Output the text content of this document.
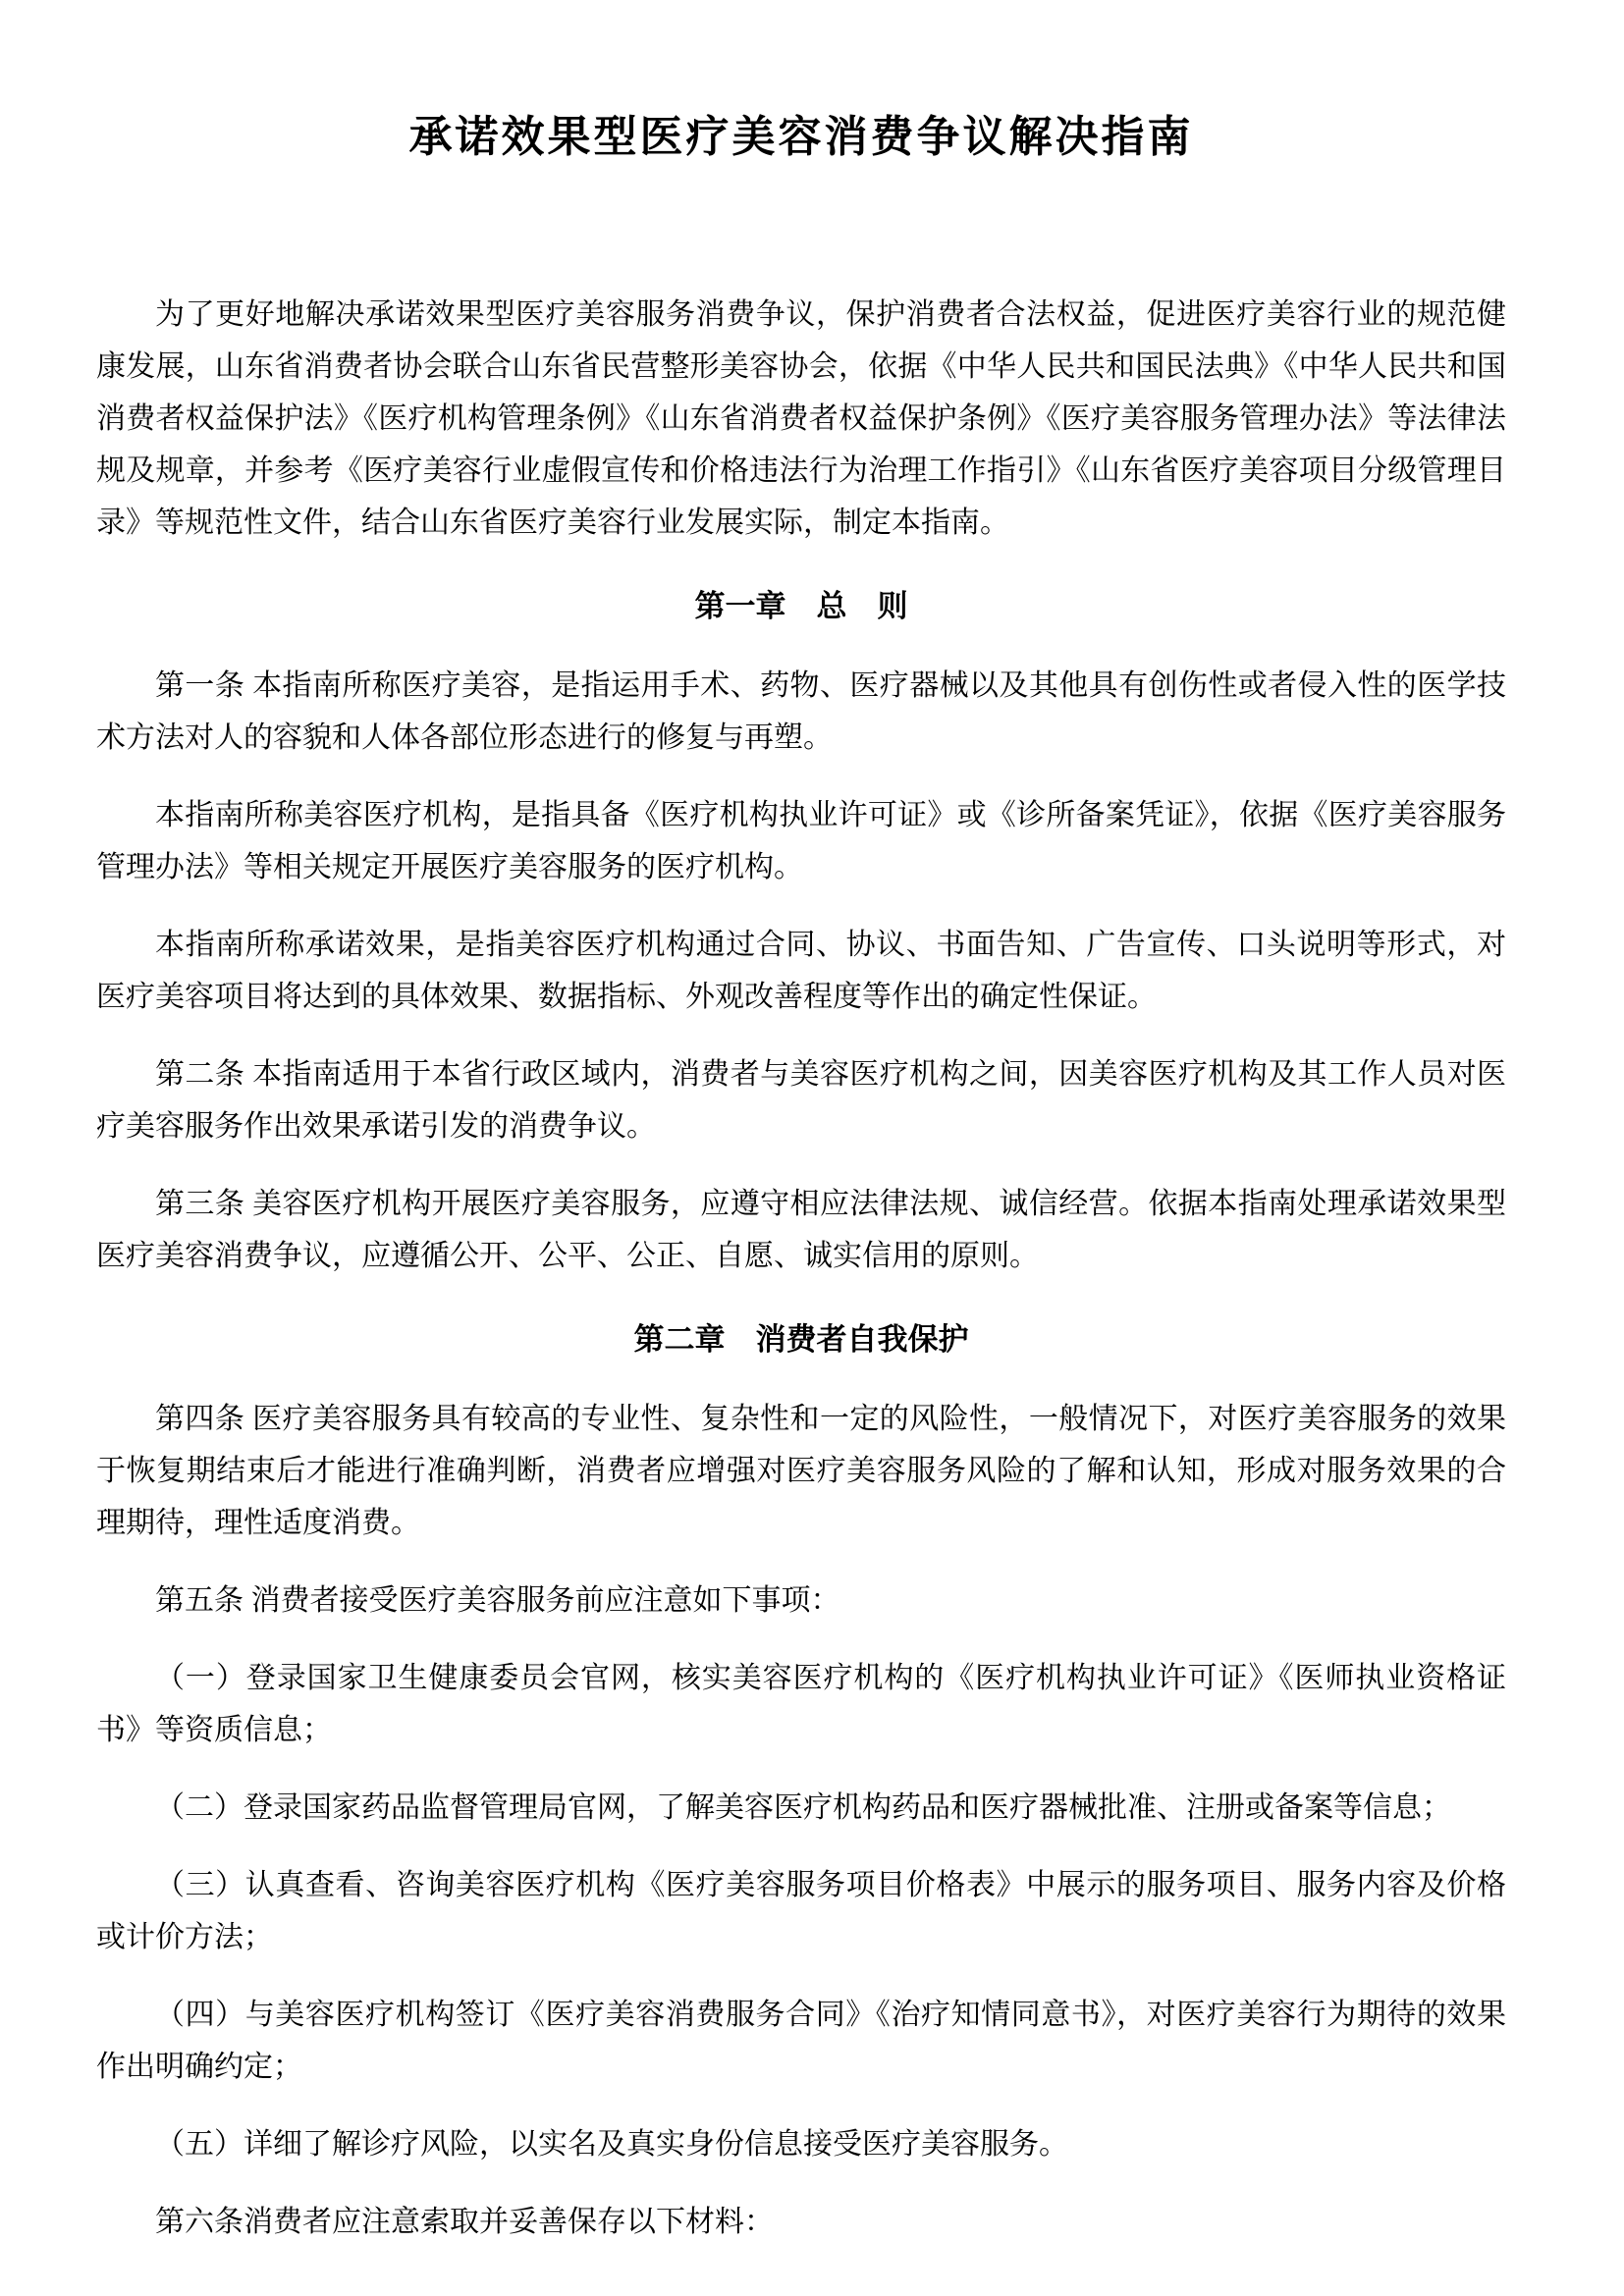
承诺效果型医疗美容消费争议解决指南

为了更好地解决承诺效果型医疗美容服务消费争议，保护消费者合法权益，促进医疗美容行业的规范健康发展，山东省消费者协会联合山东省民营整形美容协会，依据《中华人民共和国民法典》《中华人民共和国消费者权益保护法》《医疗机构管理条例》《山东省消费者权益保护条例》《医疗美容服务管理办法》等法律法规及规章，并参考《医疗美容行业虚假宣传和价格违法行为治理工作指引》《山东省医疗美容项目分级管理目录》等规范性文件，结合山东省医疗美容行业发展实际，制定本指南。

第一章　总　则

第一条 本指南所称医疗美容，是指运用手术、药物、医疗器械以及其他具有创伤性或者侵入性的医学技术方法对人的容貌和人体各部位形态进行的修复与再塑。

本指南所称美容医疗机构，是指具备《医疗机构执业许可证》或《诊所备案凭证》，依据《医疗美容服务管理办法》等相关规定开展医疗美容服务的医疗机构。

本指南所称承诺效果，是指美容医疗机构通过合同、协议、书面告知、广告宣传、口头说明等形式，对医疗美容项目将达到的具体效果、数据指标、外观改善程度等作出的确定性保证。

第二条 本指南适用于本省行政区域内，消费者与美容医疗机构之间，因美容医疗机构及其工作人员对医疗美容服务作出效果承诺引发的消费争议。

第三条 美容医疗机构开展医疗美容服务，应遵守相应法律法规、诚信经营。依据本指南处理承诺效果型医疗美容消费争议，应遵循公开、公平、公正、自愿、诚实信用的原则。

第二章　消费者自我保护

第四条 医疗美容服务具有较高的专业性、复杂性和一定的风险性，一般情况下，对医疗美容服务的效果于恢复期结束后才能进行准确判断，消费者应增强对医疗美容服务风险的了解和认知，形成对服务效果的合理期待，理性适度消费。

第五条 消费者接受医疗美容服务前应注意如下事项：

（一）登录国家卫生健康委员会官网，核实美容医疗机构的《医疗机构执业许可证》《医师执业资格证书》等资质信息；

（二）登录国家药品监督管理局官网，了解美容医疗机构药品和医疗器械批准、注册或备案等信息；

（三）认真查看、咨询美容医疗机构《医疗美容服务项目价格表》中展示的服务项目、服务内容及价格或计价方法；

（四）与美容医疗机构签订《医疗美容消费服务合同》《治疗知情同意书》，对医疗美容行为期待的效果作出明确约定；

（五）详细了解诊疗风险，以实名及真实身份信息接受医疗美容服务。

第六条消费者应注意索取并妥善保存以下材料：
